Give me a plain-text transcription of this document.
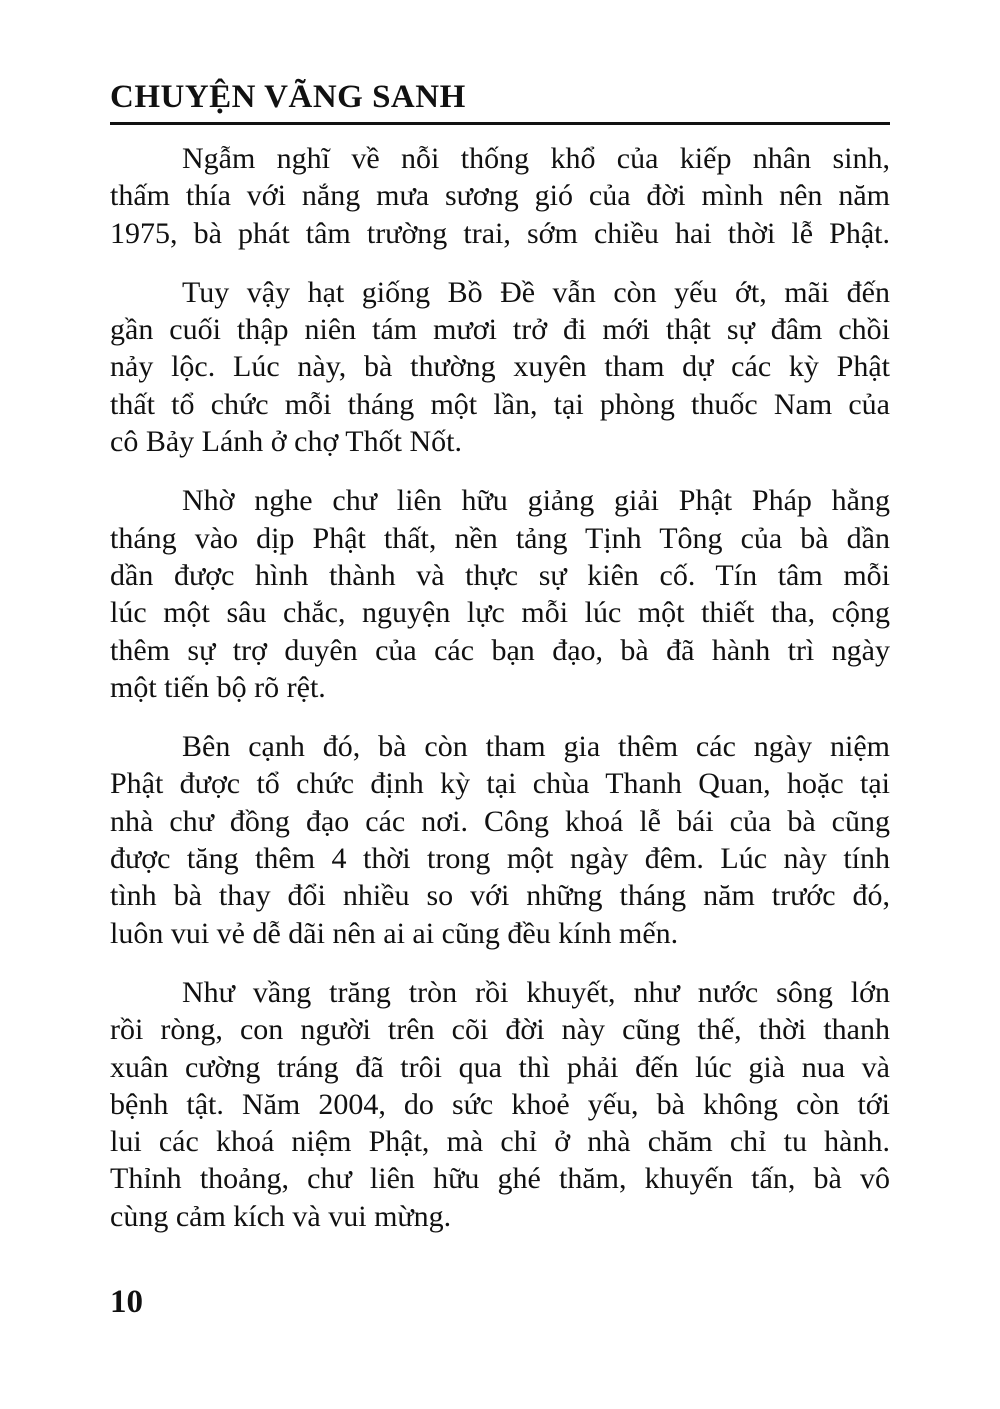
CHUYỆN VÃNG SANH

Ngẫm nghĩ về nỗi thống khổ của kiếp nhân sinh,
thấm thía với nắng mưa sương gió của đời mình nên năm
1975, bà phát tâm trường trai, sớm chiều hai thời lễ Phật.

Tuy vậy hạt giống Bồ Đề vẫn còn yếu ớt, mãi đến
gần cuối thập niên tám mươi trở đi mới thật sự đâm chồi
nảy lộc. Lúc này, bà thường xuyên tham dự các kỳ Phật
thất tổ chức mỗi tháng một lần, tại phòng thuốc Nam của
cô Bảy Lánh ở chợ Thốt Nốt.

Nhờ nghe chư liên hữu giảng giải Phật Pháp hằng
tháng vào dịp Phật thất, nền tảng Tịnh Tông của bà dần
dần được hình thành và thực sự kiên cố. Tín tâm mỗi
lúc một sâu chắc, nguyện lực mỗi lúc một thiết tha, cộng
thêm sự trợ duyên của các bạn đạo, bà đã hành trì ngày
một tiến bộ rõ rệt.

Bên cạnh đó, bà còn tham gia thêm các ngày niệm
Phật được tổ chức định kỳ tại chùa Thanh Quan, hoặc tại
nhà chư đồng đạo các nơi. Công khoá lễ bái của bà cũng
được tăng thêm 4 thời trong một ngày đêm. Lúc này tính
tình bà thay đổi nhiều so với những tháng năm trước đó,
luôn vui vẻ dễ dãi nên ai ai cũng đều kính mến.

Như vầng trăng tròn rồi khuyết, như nước sông lớn
rồi ròng, con người trên cõi đời này cũng thế, thời thanh
xuân cường tráng đã trôi qua thì phải đến lúc già nua và
bệnh tật. Năm 2004, do sức khoẻ yếu, bà không còn tới
lui các khoá niệm Phật, mà chỉ ở nhà chăm chỉ tu hành.
Thỉnh thoảng, chư liên hữu ghé thăm, khuyến tấn, bà vô
cùng cảm kích và vui mừng.

10
